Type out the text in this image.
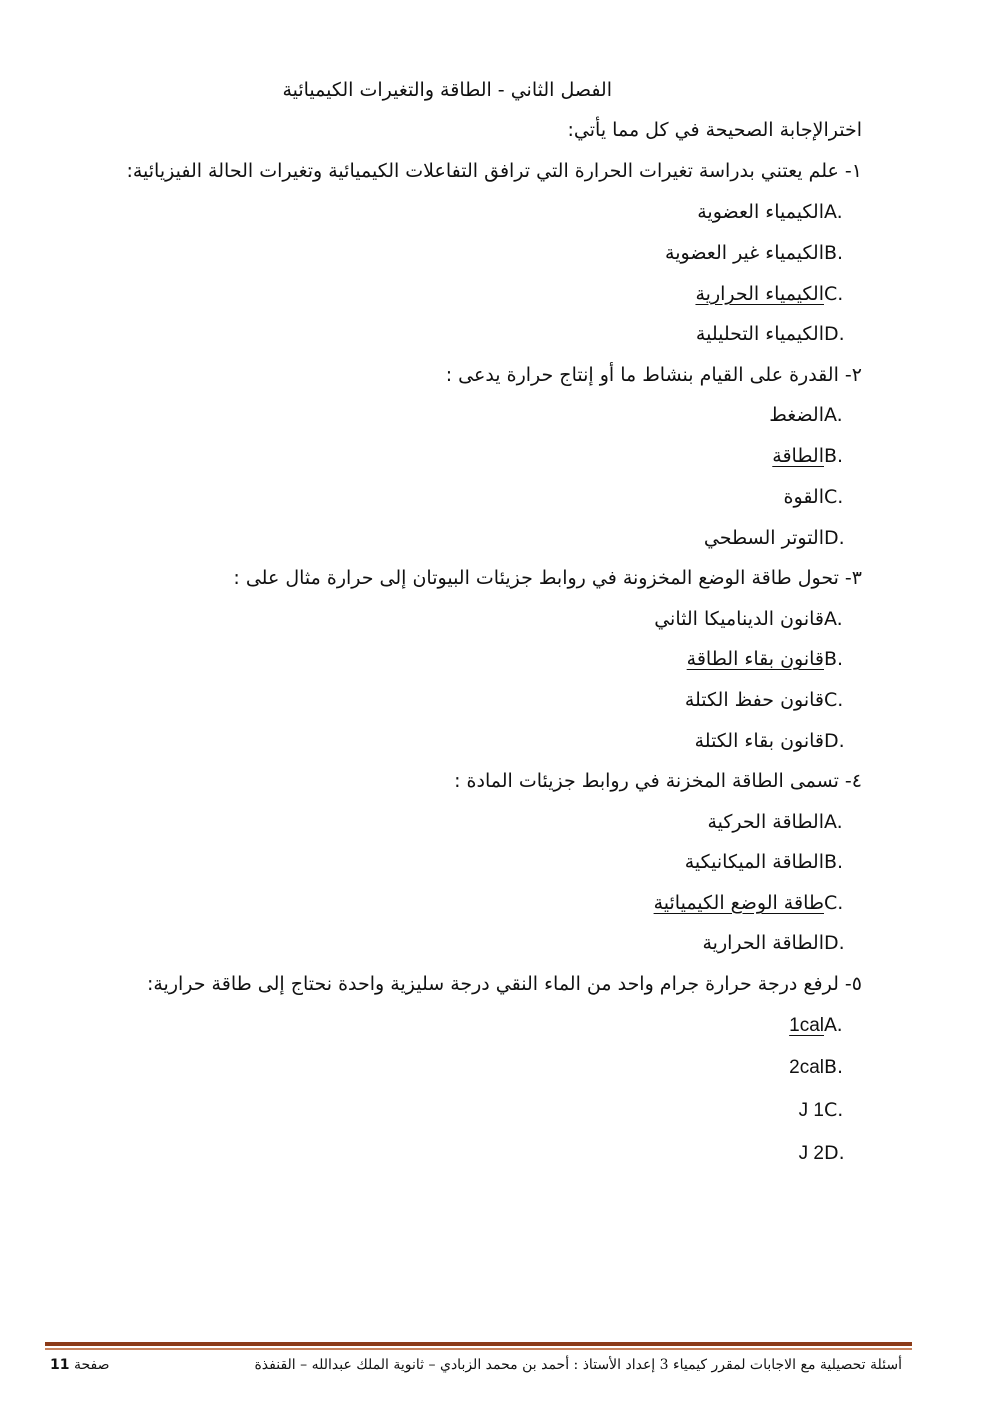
الفصل الثاني - الطاقة والتغيرات الكيميائية
اخترالإجابة الصحيحة في كل مما يأتي:
١- علم يعتني بدراسة تغيرات الحرارة التي ترافق التفاعلات الكيميائية وتغيرات الحالة الفيزيائية:
الكيمياء العضويةA.
الكيمياء غير العضويةB.
الكيمياء الحراريةC.
الكيمياء التحليليةD.
٢- القدرة على القيام بنشاط ما أو إنتاج حرارة يدعى :
الضغطA.
الطاقةB.
القوةC.
التوتر السطحيD.
٣- تحول طاقة الوضع المخزونة في روابط جزيئات البيوتان إلى حرارة مثال على :
قانون الديناميكا الثانيA.
قانون بقاء الطاقةB.
قانون حفظ الكتلةC.
قانون بقاء الكتلةD.
٤- تسمى الطاقة المخزنة في روابط جزيئات المادة :
الطاقة الحركيةA.
الطاقة الميكانيكيةB.
طاقة الوضع الكيميائيةC.
الطاقة الحراريةD.
٥- لرفع درجة حرارة جرام واحد من الماء النقي درجة سليزية واحدة نحتاج إلى طاقة حرارية:
1calA.
2calB.
1 JC.
2 JD.
أسئلة تحصيلية مع الاجابات لمقرر كيمياء 3 إعداد الأستاذ : أحمد بن محمد الزبادي – ثانوية الملك عبدالله – القنفذة
صفحة 11
